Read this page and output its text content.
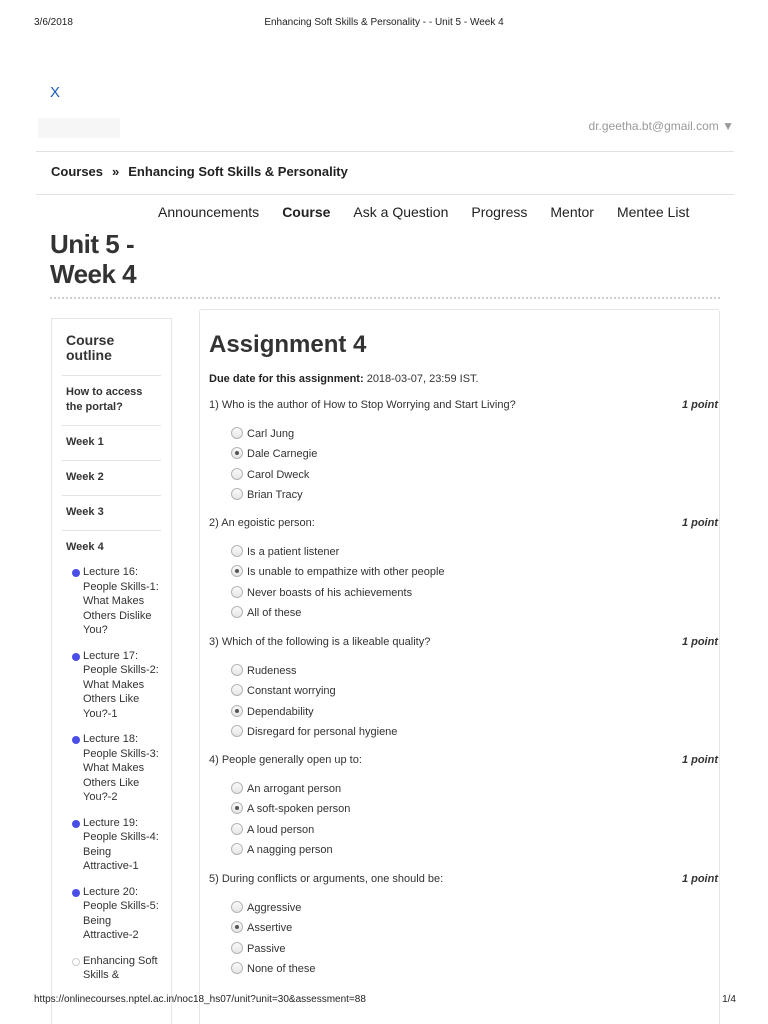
3/6/2018	Enhancing Soft Skills & Personality - - Unit 5 - Week 4
X
dr.geetha.bt@gmail.com ▼
Courses » Enhancing Soft Skills & Personality
Announcements Course Ask a Question Progress Mentor Mentee List
Unit 5 - Week 4
Course outline
How to access the portal?
Week 1
Week 2
Week 3
Week 4
Lecture 16: People Skills-1: What Makes Others Dislike You?
Lecture 17: People Skills-2: What Makes Others Like You?-1
Lecture 18: People Skills-3: What Makes Others Like You?-2
Lecture 19: People Skills-4: Being Attractive-1
Lecture 20: People Skills-5: Being Attractive-2
Enhancing Soft Skills &
Assignment 4
Due date for this assignment: 2018-03-07, 23:59 IST.
1) Who is the author of How to Stop Worrying and Start Living?	1 point
Carl Jung
Dale Carnegie
Carol Dweck
Brian Tracy
2) An egoistic person:	1 point
Is a patient listener
Is unable to empathize with other people
Never boasts of his achievements
All of these
3) Which of the following is a likeable quality?	1 point
Rudeness
Constant worrying
Dependability
Disregard for personal hygiene
4) People generally open up to:	1 point
An arrogant person
A soft-spoken person
A loud person
A nagging person
5) During conflicts or arguments, one should be:	1 point
Aggressive
Assertive
Passive
None of these
https://onlinecourses.nptel.ac.in/noc18_hs07/unit?unit=30&assessment=88	1/4
